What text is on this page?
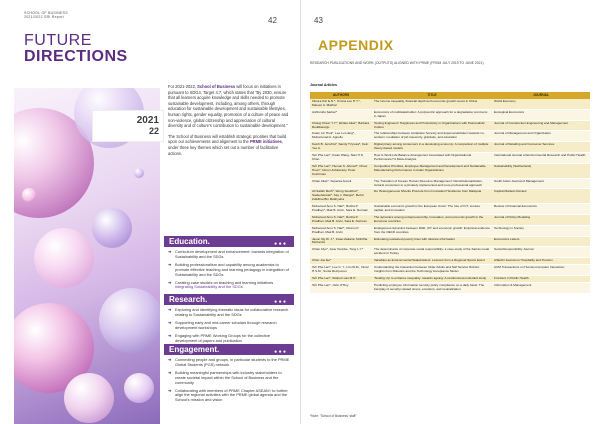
SCHOOL OF BUSINESS
2021/2022 SRI Report	42
FUTURE
DIRECTIONS
2021
22

For 2021-2022, School of Business will focus on initiatives in pursuant to SDG4, Target 4.7, which states that "By 2030, ensure that all learners acquire knowledge and skills needed to promote sustainable development, including, among others, through education for sustainable development and sustainable lifestyles, human rights, gender equality, promotion of a culture of peace and non-violence, global citizenship and appreciation of cultural diversity and of culture's contribution to sustainable development."

The School of Business will establish strategic priorities that build upon our achievements and alignment to the PRME initiatives, under three key themes which set out a number of facilitative actions.

Education.	● ● ●
➜ Curriculum development and enhancement: towards integration of Sustainability and the SDGs
➜ Building professionalism and capability among academics to promote effective teaching and learning pedagogy in integration of Sustainability and the SDGs
➜ Creating case studies on teaching and learning initiatives
integrating Sustainability and the SDGs
Research.	● ● ●
➜ Exploring and identifying thematic ideas for collaborative research relating to Sustainability and the SDGs
➜ Supporting early and mid-career scholars through research development workshops
➜ Engaging with PRME Working Groups for the collective development of papers and publication
Engagement.	● ● ●
➜ Connecting people and groups, in particular students to the PRME Global Students (PGS) network
➜ Building meaningful partnerships with industry stakeholders to create societal impact within the School of Business and the community
➜ Collaborating with members of PRME Chapter ASEAN+ to further align the regional activities with the PRME global agenda and the School's mission and vision
43
APPENDIX
RESEARCH PUBLICATIONS AND WORK (OUTPUTS) ALIGNED WITH PRME (FROM JULY 2019 TO JUNE 2021)
Journal Articles
AUTHORS	TITLE	JOURNAL
Obiora Kizi E.N.*, Ozuna Lee H.Y.*, Masum A. Mazhar	The income inequality, financial depth and economic growth nexus in China	World Economy
Ashfurullo Sarkar*	Economics of multistakeholder: A polycentric approach for a degradation commons in Japan	Ecological Economics
Chang Cheer Y.Y.*, Ehtian Alias*, Barbara Reddiasotgu	Testing Engineers' Happiness and Productivity in Organizations with Patronalistic Culture	Journal of Construction Engineering and Management
Kuam Lin Hsul*, Lee Lu Liang*, Muhammad A. Agnello	The relationships between workplace honesty and depersonalization towards co-workers: mediation of job insecurity, gratitude, and education	Journal of Management and Organization
Kwoh B. Jensfrra*, Sandy Tzyrosa*, Kein Yee A.	Digital piracy among consumers in a developing economy: A comparison of multiple theory-based models	Journal of Retailing and Consumer Services
Teh Phe Lan*, Kwan Wang, Sian H.S. Chan	How Is Work-Life Balance Arrangement Associated with Organisational Performance? A Meta-Analysis	International Journal of Environmental Research and Public Health
Teh Phe Lan*, Hemac K. Ahmed*, Chew Hoon*, Doron Ashkanazy, Peter Kotchman	Competitive Priorities, Employee Management and Development and Sustainable Manufacturing Performance in Asian Organizations	Sustainability (Switzerland)
Chian Alias*, Suparsa Anneli	The Transition of Korean Human Resource Management: Deinstitutionalization, cultural conversion to a privately implemented and more professional approach	South Asian Journal of Management
Ali Sallah Muth*, Wong Sookthar*, Sadeeharwali*, Say J. Wanga*, Mohd Zulkifnai Bin Mokhyeha	Do Heterogeneous Shocks Promote from Innovation? Evidence from Malaysia	Capital Markets Review
Mohamed Amu S. Nair*, Ruzita P. Pradhan*, Mak B. Arvin, Sara E. Norman	Sustainable economic growth in the European Union: The role of ICT, venture capital, and innovation	Review of Financial Economics
Mohamed Amu S. Nair*, Ruzita P. Pradhan, Mak B. Arvin, Sara E. Norman	The dynamics among entrepreneurship, innovation, and economic growth in the Eurozone countries	Journal of Policy Modeling
Mohamed Amu S. Nair*, Ahumu P. Pradhan, Mak B. Arvin	Endogenous dynamics between R&D, ICT and economic growth: Empirical evidence from the OECD countries	Technology in Society
Jason Ng W. J.*, Irwan Zakaria, Mohitha Murtanza	Estimating sustained poverty lines with discrete information	Economics Letters
Chian Alys*, Jane Tenplse, Tong L.Y.*	The determinants of corporate social responsibility: a case study of the Sarras metal accident in Turkey	Social Responsibility Journal
Chan Joo Ee*	Variables as Environmental Stakeholders: Lessons from a Regional Sports Event	ASEAN Journal on Hospitality and Tourism
Teh Phe Lan*, Lee C. Y., Lim W.M., Omar H.S.M., Sunia Rezipomer	Understanding the Interaction between Older Adults and Self Service Robots: Insights from Robotics and the Technology Acceptance Model	ACM Transactions on Human-Computer Interaction
Teh Phe Lan*, Sittiputr uan M.H.	'Scaling Up' to enhance inequality: towards ageing: A randomized-controlled study	Frontiers in Public Health
Teh Phe Lan*, John O'Hoy	Predicting employee information security policy compliance on a daily basis: The interplay of security-related stress, emotions, and neutralization	Information & Management
*Note: "School of Business' staff"
